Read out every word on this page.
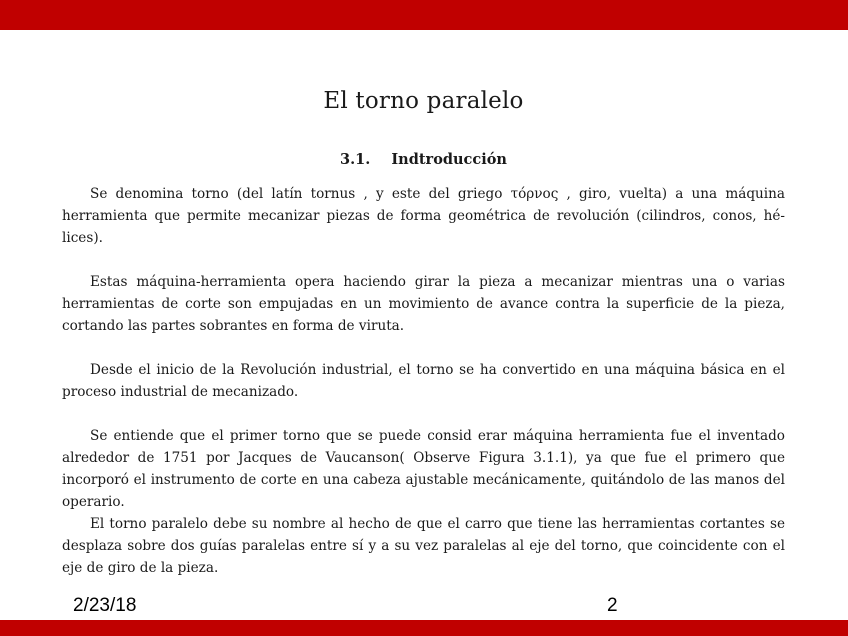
El torno paralelo
3.1. Indtroducción

Se denomina torno (del latín tornus , y este del griego τόρνος , giro, vuelta) a una máquina herramienta que permite mecanizar piezas de forma geométrica de revolución (cilindros, conos, hé-lices).

Estas máquina-herramienta opera haciendo girar la pieza a mecanizar mientras una o varias herramientas de corte son empujadas en un movimiento de avance contra la superficie de la pieza, cortando las partes sobrantes en forma de viruta.

Desde el inicio de la Revolución industrial, el torno se ha convertido en una máquina básica en el proceso industrial de mecanizado.

Se entiende que el primer torno que se puede consid erar máquina herramienta fue el inventado alrededor de 1751 por Jacques de Vaucanson( Observe Figura 3.1.1), ya que fue el primero que incorporó el instrumento de corte en una cabeza ajustable mecánicamente, quitándolo de las manos del operario.

El torno paralelo debe su nombre al hecho de que el carro que tiene las herramientas cortantes se desplaza sobre dos guías paralelas entre sí y a su vez paralelas al eje del torno, que coincidente con el eje de giro de la pieza.

2/23/18	2
